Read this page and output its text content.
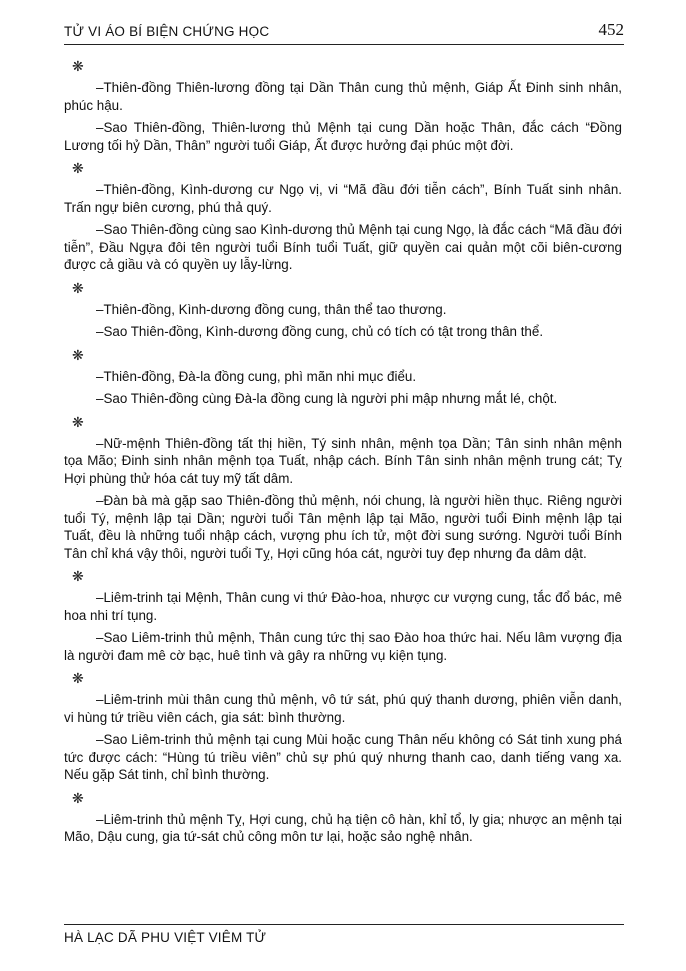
TỬ VI ÁO BÍ BIỆN CHỨNG HỌC	452
❋

–Thiên-đồng Thiên-lương đồng tại Dần Thân cung thủ mệnh, Giáp Ất Đinh sinh nhân, phúc hậu.

–Sao Thiên-đồng, Thiên-lương thủ Mệnh tại cung Dần hoặc Thân, đắc cách “Đồng Lương tối hỷ Dần, Thân” người tuổi Giáp, Ất được hưởng đại phúc một đời.

❋

–Thiên-đồng, Kình-dương cư Ngọ vị, vi “Mã đầu đới tiễn cách”, Bính Tuất sinh nhân. Trấn ngự biên cương, phú thả quý.

–Sao Thiên-đồng cùng sao Kình-dương thủ Mệnh tại cung Ngọ, là đắc cách “Mã đầu đới tiễn”, Đầu Ngựa đôi tên người tuổi Bính tuổi Tuất, giữ quyền cai quản một cõi biên-cương được cả giầu và có quyền uy lẫy-lừng.

❋

–Thiên-đồng, Kình-dương đồng cung, thân thể tao thương.

–Sao Thiên-đồng, Kình-dương đồng cung, chủ có tích có tật trong thân thể.

❋

–Thiên-đồng, Đà-la đồng cung, phì mãn nhi mục điểu.

–Sao Thiên-đồng cùng Đà-la đồng cung là người phi mập nhưng mắt lé, chột.

❋

–Nữ-mệnh Thiên-đồng tất thị hiền, Tý sinh nhân, mệnh tọa Dần; Tân sinh nhân mệnh tọa Mão; Đinh sinh nhân mệnh tọa Tuất, nhập cách. Bính Tân sinh nhân mệnh trung cát; Tỵ Hợi phùng thử hóa cát tuy mỹ tất dâm.

–Đàn bà mà gặp sao Thiên-đồng thủ mệnh, nói chung, là người hiền thục. Riêng người tuổi Tý, mệnh lập tại Dần; người tuổi Tân mệnh lập tại Mão, người tuổi Đinh mệnh lập tại Tuất, đều là những tuổi nhập cách, vượng phu ích tử, một đời sung sướng. Người tuổi Bính Tân chỉ khá vậy thôi, người tuổi Tỵ, Hợi cũng hóa cát, người tuy đẹp nhưng đa dâm dật.

❋

–Liêm-trinh tại Mệnh, Thân cung vi thứ Đào-hoa, nhược cư vượng cung, tắc đổ bác, mê hoa nhi trí tụng.

–Sao Liêm-trinh thủ mệnh, Thân cung tức thị sao Đào hoa thức hai. Nếu lâm vượng địa là người đam mê cờ bạc, huê tình và gây ra những vụ kiện tụng.

❋

–Liêm-trinh mùi thân cung thủ mệnh, vô tứ sát, phú quý thanh dương, phiên viễn danh, vi hùng tứ triều viên cách, gia sát: bình thường.

–Sao Liêm-trinh thủ mệnh tại cung Mùi hoặc cung Thân nếu không có Sát tinh xung phá tức được cách: “Hùng tú triều viên” chủ sự phú quý nhưng thanh cao, danh tiếng vang xa. Nếu gặp Sát tinh, chỉ bình thường.

❋

–Liêm-trinh thủ mệnh Tỵ, Hợi cung, chủ hạ tiện cô hàn, khỉ tổ, ly gia; nhược an mệnh tại Mão, Dậu cung, gia tứ-sát chủ công môn tư lại, hoặc sảo nghệ nhân.

HÀ LẠC DÃ PHU VIỆT VIÊM TỬ
